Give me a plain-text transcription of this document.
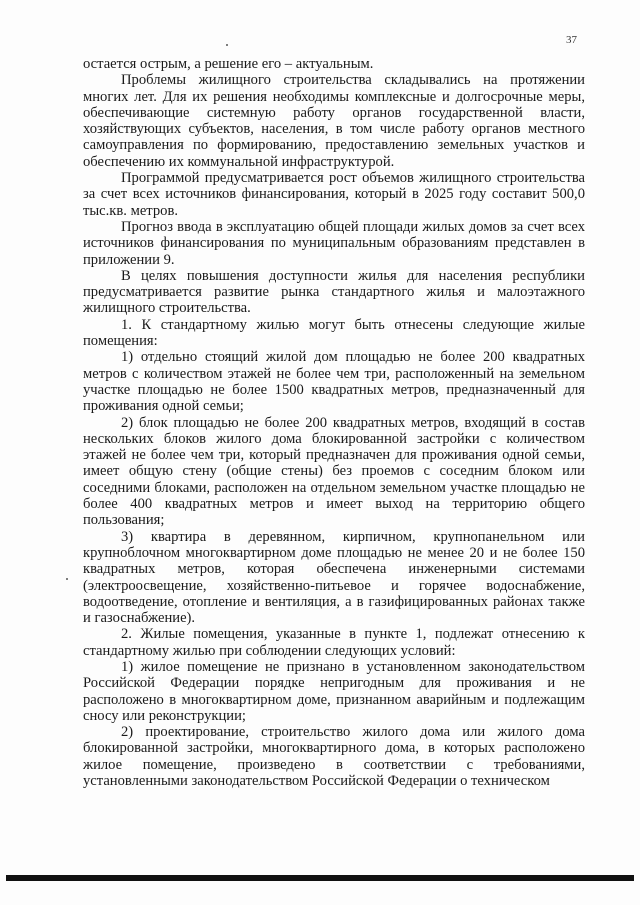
37

остается острым, а решение его – актуальным.

Проблемы жилищного строительства складывались на протяжении многих лет. Для их решения необходимы комплексные и долгосрочные меры, обеспечивающие системную работу органов государственной власти, хозяйствующих субъектов, населения, в том числе работу органов местного самоуправления по формированию, предоставлению земельных участков и обеспечению их коммунальной инфраструктурой.

Программой предусматривается рост объемов жилищного строительства за счет всех источников финансирования, который в 2025 году составит 500,0 тыс.кв. метров.

Прогноз ввода в эксплуатацию общей площади жилых домов за счет всех источников финансирования по муниципальным образованиям представлен в приложении 9.

В целях повышения доступности жилья для населения республики предусматривается развитие рынка стандартного жилья и малоэтажного жилищного строительства.

1. К стандартному жилью могут быть отнесены следующие жилые помещения:

1) отдельно стоящий жилой дом площадью не более 200 квадратных метров с количеством этажей не более чем три, расположенный на земельном участке площадью не более 1500 квадратных метров, предназначенный для проживания одной семьи;

2) блок площадью не более 200 квадратных метров, входящий в состав нескольких блоков жилого дома блокированной застройки с количеством этажей не более чем три, который предназначен для проживания одной семьи, имеет общую стену (общие стены) без проемов с соседним блоком или соседними блоками, расположен на отдельном земельном участке площадью не более 400 квадратных метров и имеет выход на территорию общего пользования;

3) квартира в деревянном, кирпичном, крупнопанельном или крупноблочном многоквартирном доме площадью не менее 20 и не более 150 квадратных метров, которая обеспечена инженерными системами (электроосвещение, хозяйственно-питьевое и горячее водоснабжение, водоотведение, отопление и вентиляция, а в газифицированных районах также и газоснабжение).

2. Жилые помещения, указанные в пункте 1, подлежат отнесению к стандартному жилью при соблюдении следующих условий:

1) жилое помещение не признано в установленном законодательством Российской Федерации порядке непригодным для проживания и не расположено в многоквартирном доме, признанном аварийным и подлежащим сносу или реконструкции;

2) проектирование, строительство жилого дома или жилого дома блокированной застройки, многоквартирного дома, в которых расположено жилое помещение, произведено в соответствии с требованиями, установленными законодательством Российской Федерации о техническом
